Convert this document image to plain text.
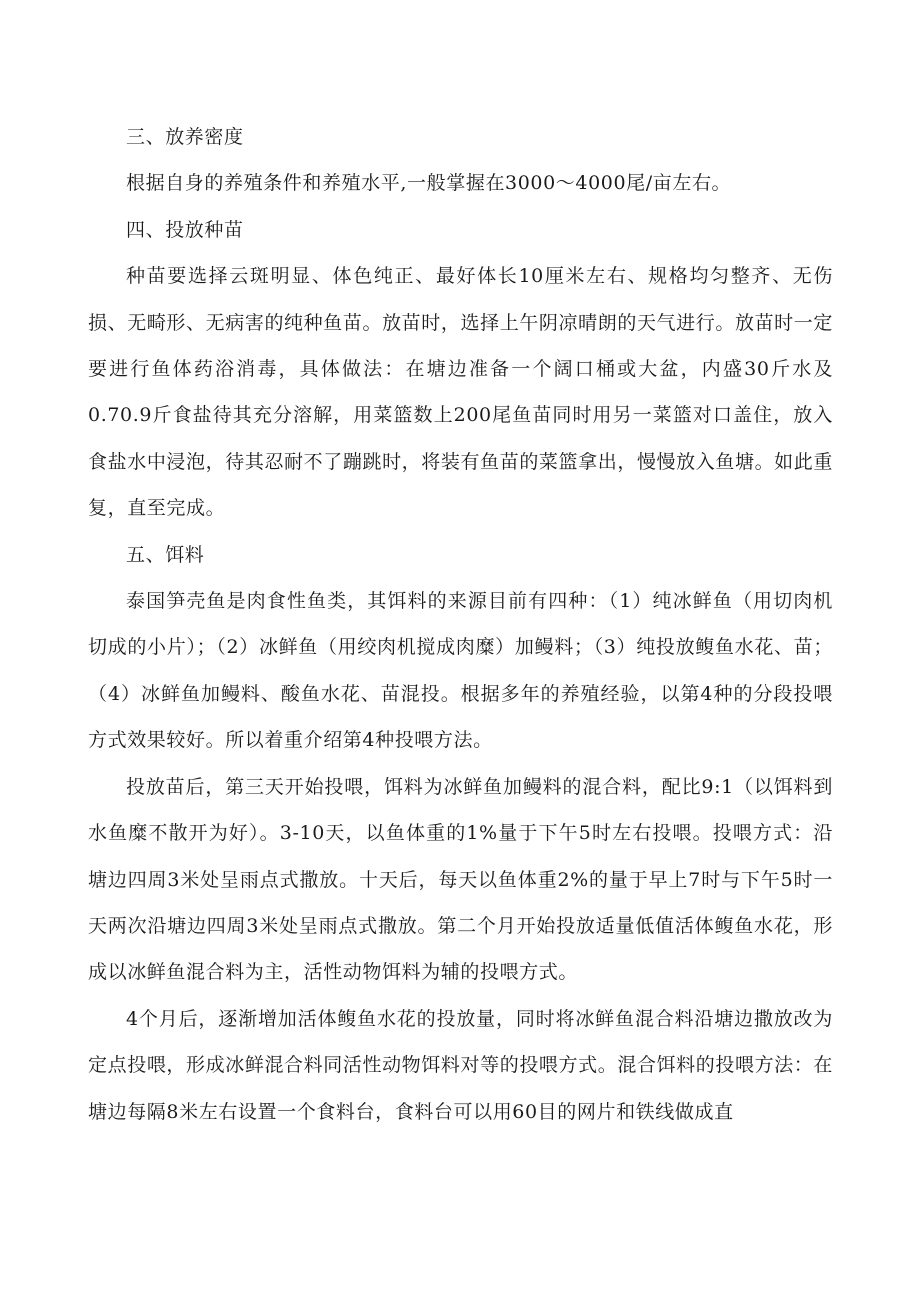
三、放养密度

根据自身的养殖条件和养殖水平,一般掌握在3000～4000尾/亩左右。

四、投放种苗

种苗要选择云斑明显、体色纯正、最好体长10厘米左右、规格均匀整齐、无伤损、无畸形、无病害的纯种鱼苗。放苗时，选择上午阴凉晴朗的天气进行。放苗时一定要进行鱼体药浴消毒，具体做法：在塘边准备一个阔口桶或大盆，内盛30斤水及0.70.9斤食盐待其充分溶解，用菜篮数上200尾鱼苗同时用另一菜篮对口盖住，放入食盐水中浸泡，待其忍耐不了蹦跳时，将装有鱼苗的菜篮拿出，慢慢放入鱼塘。如此重复，直至完成。

五、饵料

泰国笋壳鱼是肉食性鱼类，其饵料的来源目前有四种：（1）纯冰鲜鱼（用切肉机切成的小片）；（2）冰鲜鱼（用绞肉机搅成肉糜）加鳗料；（3）纯投放鳆鱼水花、苗；（4）冰鲜鱼加鳗料、酸鱼水花、苗混投。根据多年的养殖经验，以第4种的分段投喂方式效果较好。所以着重介绍第4种投喂方法。

投放苗后，第三天开始投喂，饵料为冰鲜鱼加鳗料的混合料，配比9:1（以饵料到水鱼糜不散开为好）。3-10天，以鱼体重的1%量于下午5时左右投喂。投喂方式：沿塘边四周3米处呈雨点式撒放。十天后，每天以鱼体重2%的量于早上7时与下午5时一天两次沿塘边四周3米处呈雨点式撒放。第二个月开始投放适量低值活体鳆鱼水花，形成以冰鲜鱼混合料为主，活性动物饵料为辅的投喂方式。

4个月后，逐渐增加活体鳆鱼水花的投放量，同时将冰鲜鱼混合料沿塘边撒放改为定点投喂，形成冰鲜混合料同活性动物饵料对等的投喂方式。混合饵料的投喂方法：在塘边每隔8米左右设置一个食料台，食料台可以用60目的网片和铁线做成直
